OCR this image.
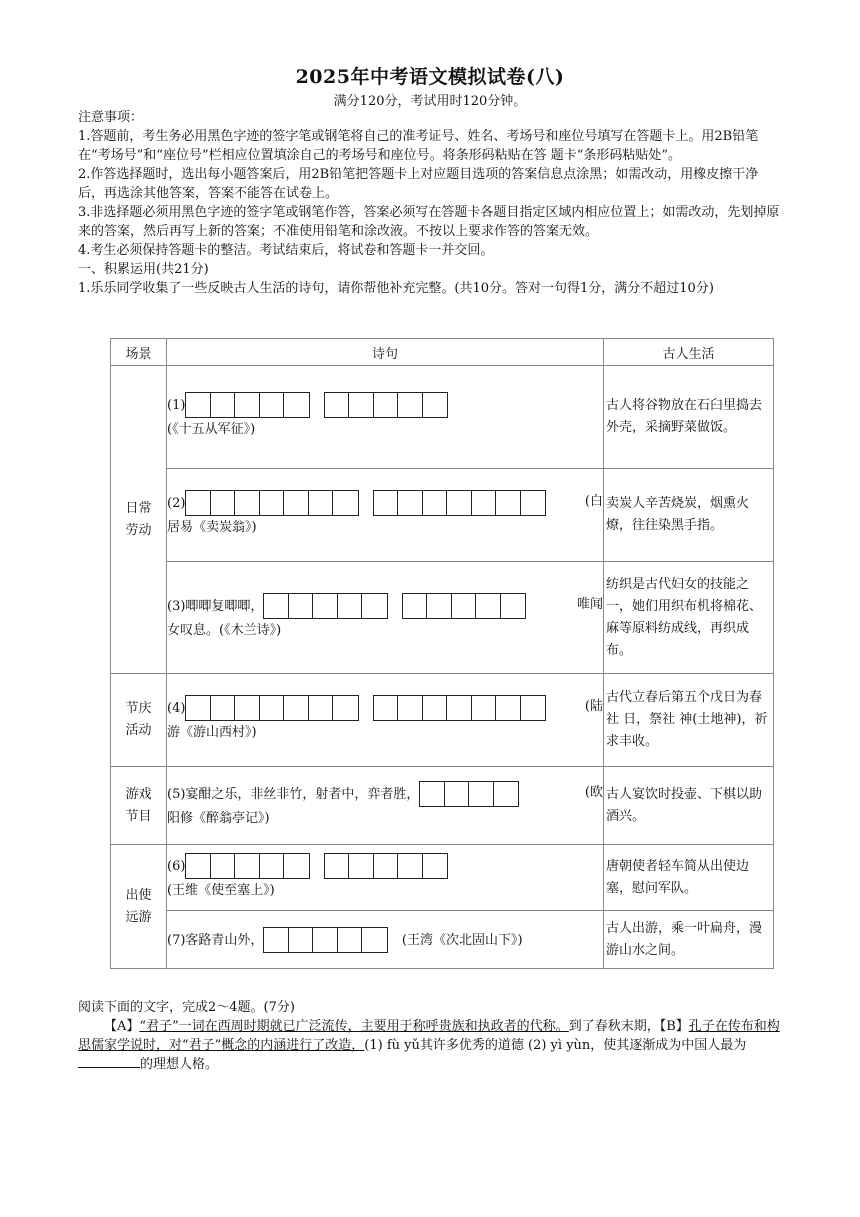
2025年中考语文模拟试卷(八)
满分120分，考试用时120分钟。

注意事项：

1.答题前，考生务必用黑色字迹的签字笔或钢笔将自己的准考证号、姓名、考场号和座位号填写在答题卡上。用2B铅笔在“考场号”和“座位号”栏相应位置填涂自己的考场号和座位号。将条形码粘贴在答 题卡“条形码粘贴处”。

2.作答选择题时，选出每小题答案后，用2B铅笔把答题卡上对应题目选项的答案信息点涂黑；如需改动，用橡皮擦干净后，再选涂其他答案，答案不能答在试卷上。

3.非选择题必须用黑色字迹的签字笔或钢笔作答，答案必须写在答题卡各题目指定区域内相应位置上；如需改动，先划掉原来的答案，然后再写上新的答案；不准使用铅笔和涂改液。不按以上要求作答的答案无效。

4.考生必须保持答题卡的整洁。考试结束后，将试卷和答题卡一并交回。

一、积累运用(共21分)

1.乐乐同学收集了一些反映古人生活的诗句，请你帮他补充完整。(共10分。答对一句得1分，满分不超过10分)

场景	诗句	古人生活

日常劳动	(1)

(《十五从军征》)	古人将谷物放在石臼里捣去外壳，采摘野菜做饭。
	(2) (白

居易《卖炭翁》)	卖炭人辛苦烧炭，烟熏火燎，往往染黑手指。
	(3)唧唧复唧唧， 唯闻

女叹息。(《木兰诗》)	纺织是古代妇女的技能之一，她们用织布机将棉花、麻等原料纺成线，再织成布。

节庆活动	(4) (陆

游《游山西村》)	古代立春后第五个戊日为春 社 日，祭社 神(土地神)，祈求丰收。

游戏节目	(5)宴酣之乐，非丝非竹，射者中，弈者胜， (欧

阳修《醉翁亭记》)	古人宴饮时投壶、下棋以助酒兴。

出使远游	(6)

(王维《使至塞上》)	唐朝使者轻车简从出使边塞，慰问军队。
	(7)客路青山外， (王湾《次北固山下》)	古人出游，乘一叶扁舟，漫游山水之间。

阅读下面的文字，完成2～4题。(7分)

【A】“君子”一词在西周时期就已广泛流传，主要用于称呼贵族和执政者的代称。到了春秋末期，【B】孔子在传布和构思儒家学说时，对“君子”概念的内涵进行了改造，(1) fù yǔ其许多优秀的道德 (2) yì yùn，使其逐渐成为中国人最为的理想人格。
